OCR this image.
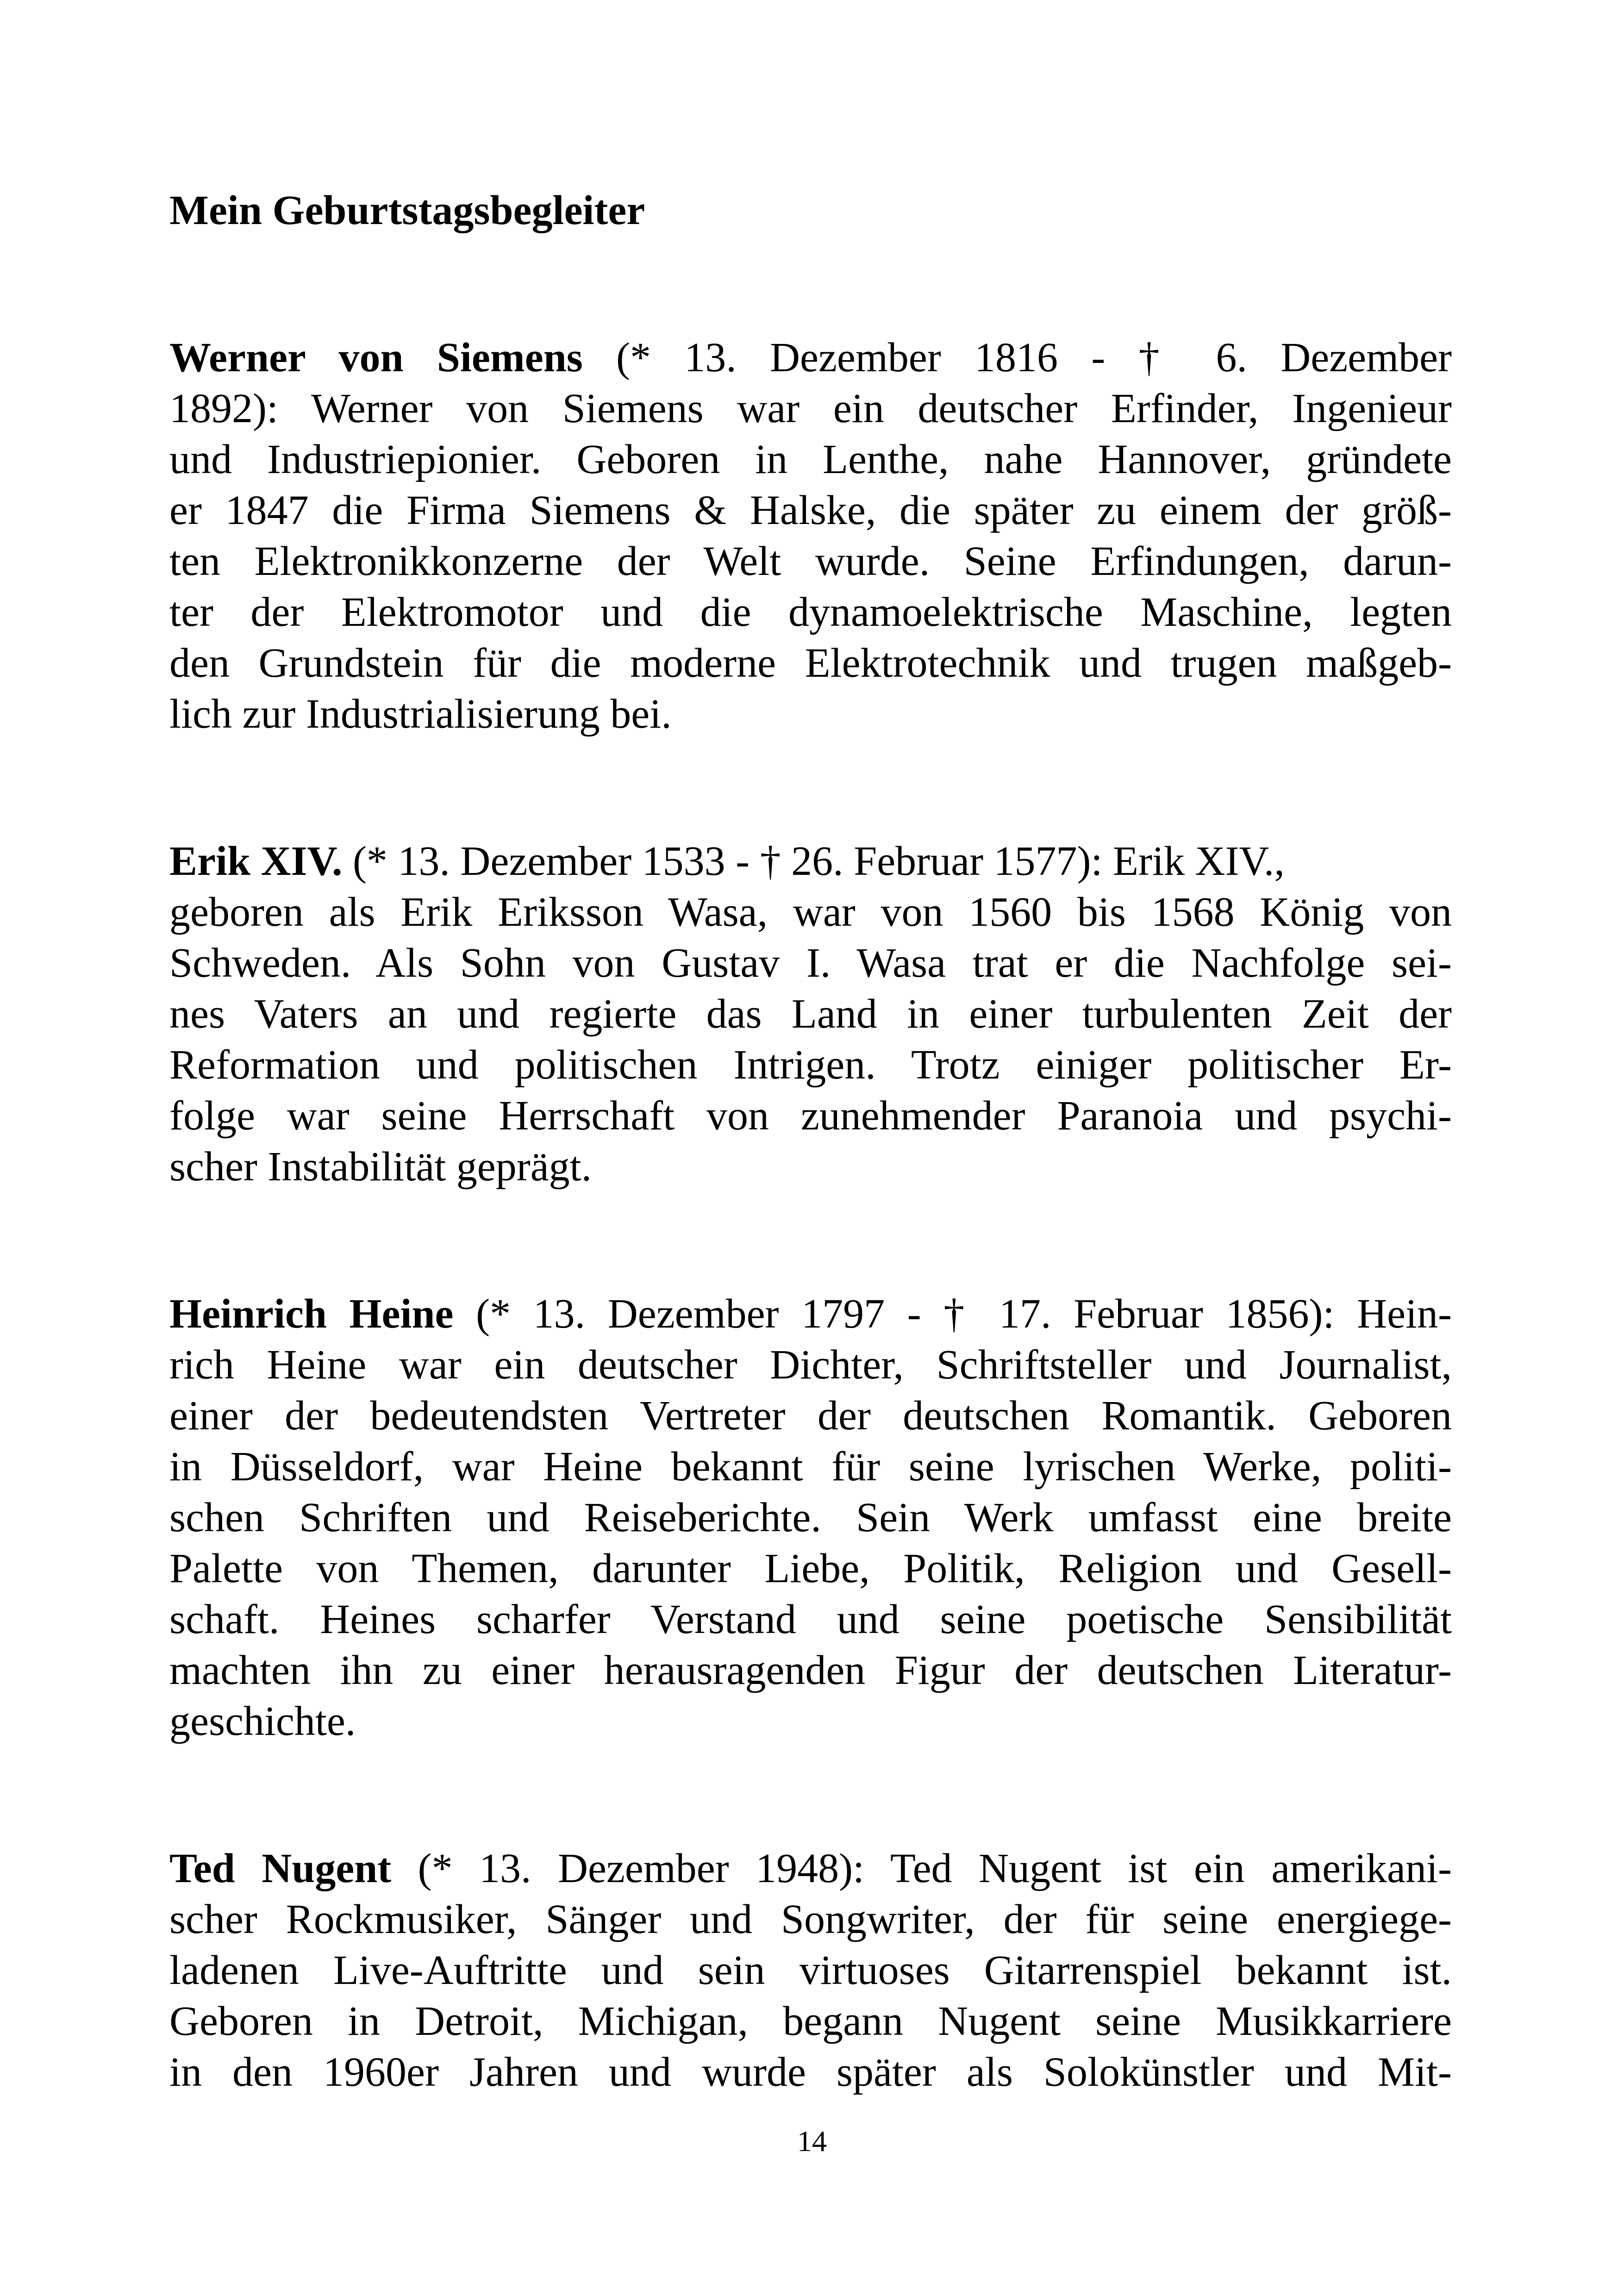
Mein Geburtstagsbegleiter
Werner von Siemens (* 13. Dezember 1816 - † 6. Dezember
1892): Werner von Siemens war ein deutscher Erfinder, Ingenieur
und Industriepionier. Geboren in Lenthe, nahe Hannover, gründete
er 1847 die Firma Siemens & Halske, die später zu einem der größ-
ten Elektronikkonzerne der Welt wurde. Seine Erfindungen, darun-
ter der Elektromotor und die dynamoelektrische Maschine, legten
den Grundstein für die moderne Elektrotechnik und trugen maßgeb-
lich zur Industrialisierung bei.
Erik XIV. (* 13. Dezember 1533 - † 26. Februar 1577): Erik XIV.,
geboren als Erik Eriksson Wasa, war von 1560 bis 1568 König von
Schweden. Als Sohn von Gustav I. Wasa trat er die Nachfolge sei-
nes Vaters an und regierte das Land in einer turbulenten Zeit der
Reformation und politischen Intrigen. Trotz einiger politischer Er-
folge war seine Herrschaft von zunehmender Paranoia und psychi-
scher Instabilität geprägt.
Heinrich Heine (* 13. Dezember 1797 - † 17. Februar 1856): Hein-
rich Heine war ein deutscher Dichter, Schriftsteller und Journalist,
einer der bedeutendsten Vertreter der deutschen Romantik. Geboren
in Düsseldorf, war Heine bekannt für seine lyrischen Werke, politi-
schen Schriften und Reiseberichte. Sein Werk umfasst eine breite
Palette von Themen, darunter Liebe, Politik, Religion und Gesell-
schaft. Heines scharfer Verstand und seine poetische Sensibilität
machten ihn zu einer herausragenden Figur der deutschen Literatur-
geschichte.
Ted Nugent (* 13. Dezember 1948): Ted Nugent ist ein amerikani-
scher Rockmusiker, Sänger und Songwriter, der für seine energiege-
ladenen Live-Auftritte und sein virtuoses Gitarrenspiel bekannt ist.
Geboren in Detroit, Michigan, begann Nugent seine Musikkarriere
in den 1960er Jahren und wurde später als Solokünstler und Mit-
14
